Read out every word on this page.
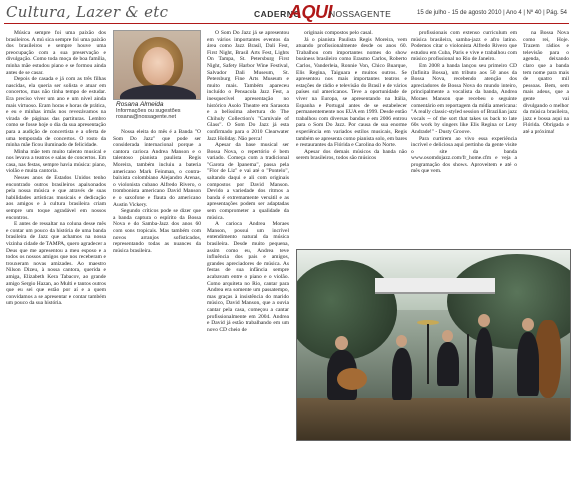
Cultura, Lazer & etc	CADERNO
AQUI
NOSSAGENTE	15 de julho - 15 de agosto 2010 | Ano 4 | Nº 40 | Pág. 54

Música sempre foi uma paixão dos brasileiros. A mú sica sempre foi uma paixão dos brasileiros e sempre houve uma preocupação com a sua preservação e divulgação. Como toda moça de boa família, minha mãe estudou piano e se formou ainda antes de se casar.

Depois de casada e já com as três filhas nascidas, ela queria ser solista e atuar em concertos, mas não tinha tempo de estudar. Era preciso viver um ano e um nível ainda mais virtuoso. Eram horas e horas de prática, e eu e minhas irmãs nos revezávamos na virada de páginas das partituras. Lembro como se fosse hoje o dia da sua apresentação para a audição de concertista e a oferta de uma temporada de concertos. O rosto da minha mãe ficou iluminado de felicidade.

Minha mãe tem muito talento musical e nos levava a teatros e salas de concertos. Em casa, nas festas, sempre havia música: piano, violão e muita cantoria.

Nesses anos de Estados Unidos tenho encontrado outros brasileiros apaixonados pela nossa música e que através de suas habilidades artísticas musicais e dedicação aos amigos e à cultura brasileira criam sempre um toque agradável em nossos encontros.

E antes de ressaltar na coluna desse mês e contar um pouco da história de uma banda brasileira de Jazz que achamos na nossa vizinha cidade de TAMPA, quero agradecer a Deus que me apresentou a meu esposo e a todos os nossos amigos que nos receberam e trouxeram novas amizades. Ao maestro Nilson Dizeu, à nossa cantora, querida e amiga, Elizabeth Kera Tabacov, ao grande amigo Sergio Hazan, ao Multi e tantos outros que eu sei que estão por aí e a quem convidamos a se apresentar e contar também um pouco da sua história.

Rosana Almeida
Informações ou sugestões
rosana@nossagente.net

Nossa eleita do mês é a Banda "O Som Do Jazz" que pode ser considerada internacional porque a cantora carioca Andrea Manson e o talentoso pianista paulista Regis Moreira, também incluiu a bateria americano Mark Feinman, o contra-baixista colombiano Alejandro Arenas, o violonista cubano Alfredo Rivero, o trombonista americano David Manson e o saxofone e flauta do americano Austin Vickery.

Segundo críticos pode se dizer que a banda captura o espírito da Bossa Nova e do Samba-Jazz dos anos 60 com sons tropicais. Mas também com novos arranjos sofisticados, representando todas as nuances da música brasileira.

O Som Do Jazz já se apresentou em vários importantes eventos da área como Jazz Brasil, Dali Fest, First Night, Brasil Arts Fest, Lights On Tampa, St. Petersburg First Night, Safety Harbor Wine Festival, Salvador Dali Museum, St. Petersburg Fine Arts Museum e muito mais. Também apareceu incluído o Pensacola Jazz Fest, a inesquecível apresentação no histórico Asolo Theatre em Sarasota e a belíssima abertura do The Chihuly Collection's "Carnivale of Glass". O Som Do Jazz já esta confirmado para o 2010 Clearwater Jazz Holiday. Não perca!

Apesar da base musical ser Bossa Nova, o repertório é bem variado. Começa com a tradicional "Garota de Ipanema", passa pela "Flor de Liz" e vai até o "Pontelo", saltando daqui e ali com originais compostos por David Manson. Devido a variedade dos ritmos a banda é extremamente versátil e as apresentações podem ser adaptadas sem comprometer a qualidade da música.

A carioca Andrea Moraes Manson, possui um incrível entendimento natural da música brasileira. Desde muito pequena, assim como eu, Andrea teve influência dos pais e amigos, grandes apreciadores de música. As festas de sua infância sempre acabavam entre o piano e o violão. Como arquiteta no Rio, cantar para Andrea era somente um passatempo, mas graças à insistência do marido músico, David Manson, que a ouvia cantar pela casa, começou a cantar profissionalmente em 2004. Andrea e David já estão trabalhando em um novo CD cheio de

originais compostos pelo casal.

Já o pianista Paulista Regis Moreira, vem atuando profissionalmente desde os anos 60. Trabalhou com importantes nomes do show business brasileiro como Erasmo Carlos, Roberto Carlos, Vanderleia, Ronnie Von, Chico Buarque, Elis Regina, Taiguara e muitos outros. Se apresentou nos mais importantes teatros e estações de rádio e televisão do Brasil e de vários países sul americanos. Teve a oportunidade de viver na Europa, se apresentando na Itália, Espanha e Portugal antes de se estabelecer permanentemente nos EUA em 1999. Desde então trabalhou com diversas bandas e em 2006 entrou para o Som Do Jazz. Por causa de sua enorme experiência em variados estilos musicais, Regis também se apresenta como pianista solo, em bares e restaurantes da Flórida e Carolina do Norte.

Apesar dos demais músicos da banda não serem brasileiros, todos são músicos

profissionais com extenso curriculum em música brasileira, samba-jazz e afro latino. Podemos citar o violonista Alfredo Rivero que estudou em Cuba, Paris e vive e trabalhou com músico profissional no Rio de Janeiro.

Em 2008 a banda lançou seu primeiro CD (Infinita Bossa), um tributo aos 50 anos da Bossa Nova, recebendo atenção dos apreciadores de Bossa Nova do mundo inteiro, principalmente a vocalista da banda, Andrea Moraes Manson que recebeu o seguinte comentário em reportagem da mídia americana: "A really classic-styled session of Brazilian jazz vocals -- of the sort that takes us back to late 60s work by singers like Elis Regina or Leny Andrade!" - Dusty Groove.

Para curtirem ao vivo essa experiência incrível e deliciosa aqui pertinho da gente visite o site da banda www.osomdojazz.com/fr_home.cfm e veja a programação dos shows. Aproveitem e até o mês que vem.

na Bossa Nova como rei, Hoje. Trazem rádios e televisão para o agenda, deixando claro que a banda tem nome para mais de quatro mil pessoas. Bem, sem mais adeus, que a gente vai divulgando o melhor da música brasileira, jazz e bossa aqui na Flórida. Obrigada e até a próxima!
